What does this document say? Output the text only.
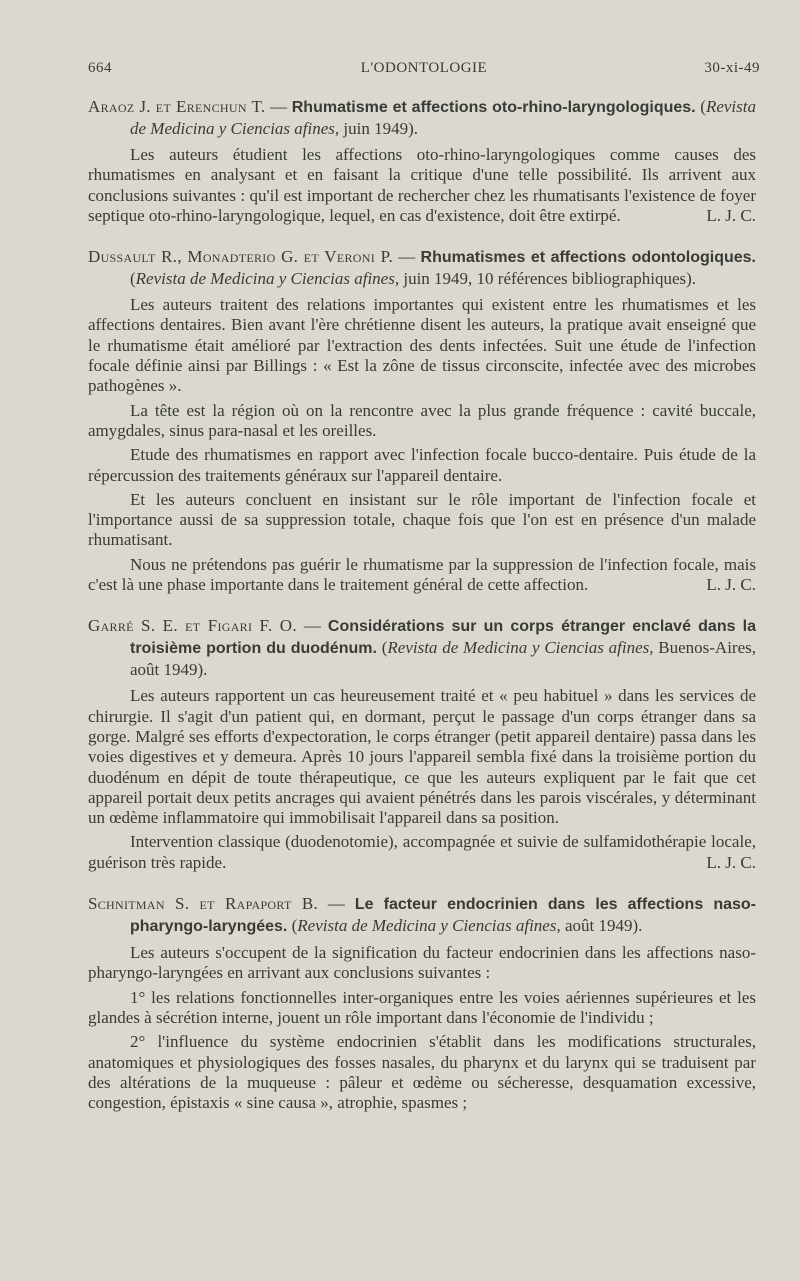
664	L'ODONTOLOGIE	30-xi-49

Araoz J. et Erenchun T. — Rhumatisme et affections oto-rhino-laryngologiques. (Revista de Medicina y Ciencias afines, juin 1949).

Les auteurs étudient les affections oto-rhino-laryngologiques comme causes des rhumatismes en analysant et en faisant la critique d'une telle possibilité. Ils arrivent aux conclusions suivantes : qu'il est important de rechercher chez les rhumatisants l'existence de foyer septique oto-rhino-laryngologique, lequel, en cas d'existence, doit être extirpé.	L. J. C.

Dussault R., Monadterio G. et Veroni P. — Rhumatismes et affections odontologiques. (Revista de Medicina y Ciencias afines, juin 1949, 10 références bibliographiques).

Les auteurs traitent des relations importantes qui existent entre les rhumatismes et les affections dentaires. Bien avant l'ère chrétienne disent les auteurs, la pratique avait enseigné que le rhumatisme était amélioré par l'extraction des dents infectées. Suit une étude de l'infection focale définie ainsi par Billings : « Est la zône de tissus circonscite, infectée avec des microbes pathogènes ».

La tête est la région où on la rencontre avec la plus grande fréquence : cavité buccale, amygdales, sinus para-nasal et les oreilles.

Etude des rhumatismes en rapport avec l'infection focale bucco-dentaire. Puis étude de la répercussion des traitements généraux sur l'appareil dentaire.

Et les auteurs concluent en insistant sur le rôle important de l'infection focale et l'importance aussi de sa suppression totale, chaque fois que l'on est en présence d'un malade rhumatisant.

Nous ne prétendons pas guérir le rhumatisme par la suppression de l'infection focale, mais c'est là une phase importante dans le traitement général de cette affection.	L. J. C.

Garré S. E. et Figari F. O. — Considérations sur un corps étranger enclavé dans la troisième portion du duodénum. (Revista de Medicina y Ciencias afines, Buenos-Aires, août 1949).

Les auteurs rapportent un cas heureusement traité et « peu habituel » dans les services de chirurgie. Il s'agit d'un patient qui, en dormant, perçut le passage d'un corps étranger dans sa gorge. Malgré ses efforts d'expectoration, le corps étranger (petit appareil dentaire) passa dans les voies digestives et y demeura. Après 10 jours l'appareil sembla fixé dans la troisième portion du duodénum en dépit de toute thérapeutique, ce que les auteurs expliquent par le fait que cet appareil portait deux petits ancrages qui avaient pénétrés dans les parois viscérales, y déterminant un œdème inflammatoire qui immobilisait l'appareil dans sa position.

Intervention classique (duodenotomie), accompagnée et suivie de sulfamidothérapie locale, guérison très rapide.	L. J. C.

Schnitman S. et Rapaport B. — Le facteur endocrinien dans les affections naso-pharyngo-laryngées. (Revista de Medicina y Ciencias afines, août 1949).

Les auteurs s'occupent de la signification du facteur endocrinien dans les affections naso-pharyngo-laryngées en arrivant aux conclusions suivantes :

1° les relations fonctionnelles inter-organiques entre les voies aériennes supérieures et les glandes à sécrétion interne, jouent un rôle important dans l'économie de l'individu ;

2° l'influence du système endocrinien s'établit dans les modifications structurales, anatomiques et physiologiques des fosses nasales, du pharynx et du larynx qui se traduisent par des altérations de la muqueuse : pâleur et œdème ou sécheresse, desquamation excessive, congestion, épistaxis « sine causa », atrophie, spasmes ;
